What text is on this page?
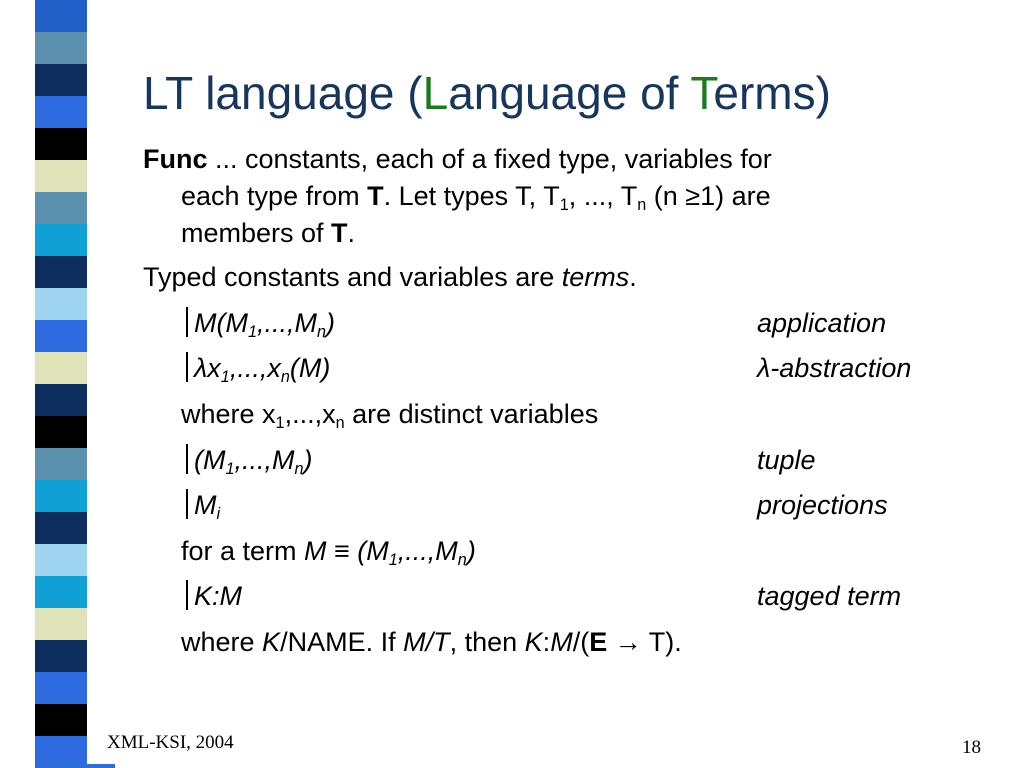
LT language (Language of Terms)
Func ... constants, each of a fixed type, variables for
each type from T. Let types T, $T_1$, ..., $T_n$ (n ≥1) are
members of T.
Typed constants and variables are terms.
$M(M_1,...,M_n)$	application
$\lambda x_1,...,x_n(M)$	λ-abstraction
where $x_1,...,x_n$ are distinct variables
$(M_1,...,M_n)$	tuple
$M_i$	projections
for a term $M \equiv (M_1,...,M_n)$
K:M	tagged term
where K/NAME. If M/T, then K:M/(E → T).
XML-KSI, 2004	18
